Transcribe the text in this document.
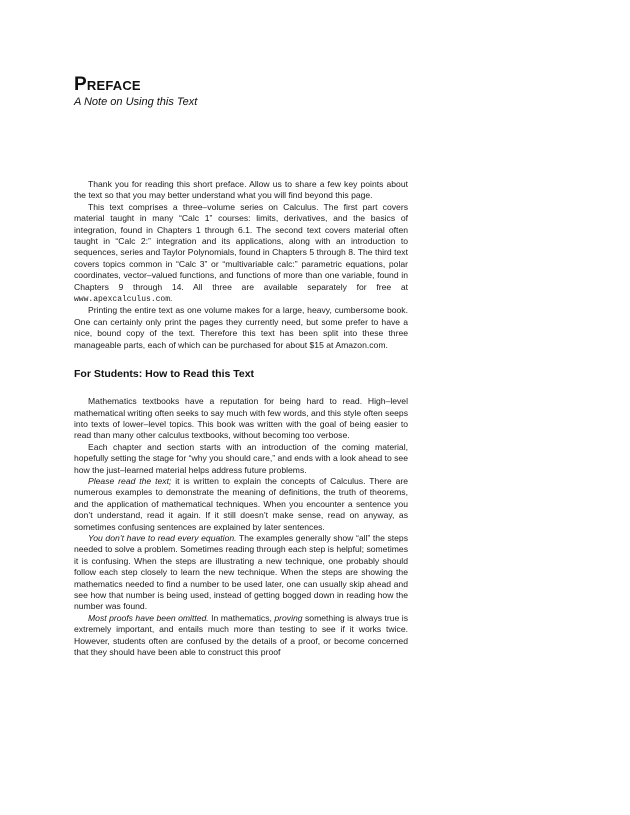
Preface
A Note on Using this Text

Thank you for reading this short preface. Allow us to share a few key points about the text so that you may better understand what you will find beyond this page.

This text comprises a three–volume series on Calculus. The first part covers material taught in many “Calc 1” courses: limits, derivatives, and the basics of integration, found in Chapters 1 through 6.1. The second text covers material often taught in “Calc 2:” integration and its applications, along with an introduction to sequences, series and Taylor Polynomials, found in Chapters 5 through 8. The third text covers topics common in “Calc 3” or “multivariable calc:” parametric equations, polar coordinates, vector–valued functions, and functions of more than one variable, found in Chapters 9 through 14. All three are available separately for free at www.apexcalculus.com.

Printing the entire text as one volume makes for a large, heavy, cumbersome book. One can certainly only print the pages they currently need, but some prefer to have a nice, bound copy of the text. Therefore this text has been split into these three manageable parts, each of which can be purchased for about $15 at Amazon.com.

For Students: How to Read this Text

Mathematics textbooks have a reputation for being hard to read. High–level mathematical writing often seeks to say much with few words, and this style often seeps into texts of lower–level topics. This book was written with the goal of being easier to read than many other calculus textbooks, without becoming too verbose.

Each chapter and section starts with an introduction of the coming material, hopefully setting the stage for “why you should care,” and ends with a look ahead to see how the just–learned material helps address future problems.

Please read the text; it is written to explain the concepts of Calculus. There are numerous examples to demonstrate the meaning of definitions, the truth of theorems, and the application of mathematical techniques. When you encounter a sentence you don’t understand, read it again. If it still doesn’t make sense, read on anyway, as sometimes confusing sentences are explained by later sentences.

You don’t have to read every equation. The examples generally show “all” the steps needed to solve a problem. Sometimes reading through each step is helpful; sometimes it is confusing. When the steps are illustrating a new technique, one probably should follow each step closely to learn the new technique. When the steps are showing the mathematics needed to find a number to be used later, one can usually skip ahead and see how that number is being used, instead of getting bogged down in reading how the number was found.

Most proofs have been omitted. In mathematics, proving something is always true is extremely important, and entails much more than testing to see if it works twice. However, students often are confused by the details of a proof, or become concerned that they should have been able to construct this proof
